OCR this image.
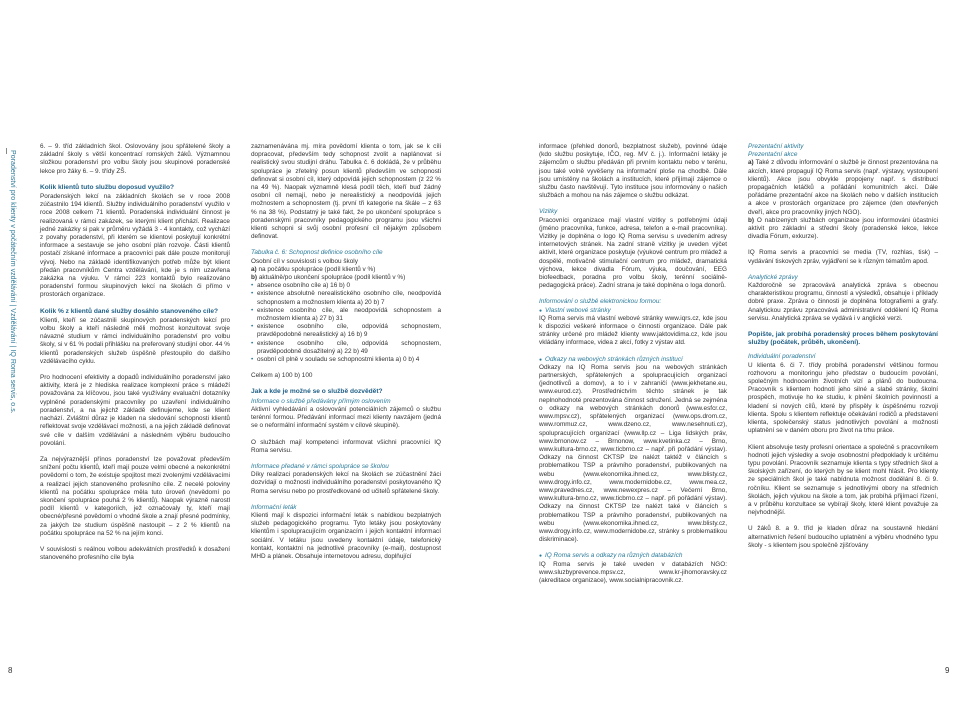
Poradenství pro klienty v počátečním vzdělávání | Vzdělávání | IQ Roma servis, o.s.

6. – 9. tříd základních škol. Oslovovány jsou spřátelené školy a základní školy s větší koncentrací romských žáků. Významnou složkou poradenství pro volbu školy jsou skupinové poradenské lekce pro žáky 6. – 9. třídy ZŠ.

Kolik klientů tuto službu doposud využilo?

Poradenských lekcí na základních školách se v roce 2008 zúčastnilo 194 klientů. Služby individuálního poradenství využilo v roce 2008 celkem 71 klientů. Poradenská individuální činnost je realizovaná v rámci zakázek, se kterými klient přichází. Realizace jedné zakázky si pak v průměru vyžádá 3 - 4 kontakty, což vychází z povahy poradenství, při kterém se klientovi poskytují konkrétní informace a sestavuje se jeho osobní plán rozvoje. Části klientů postačí získané informace a pracovníci pak dále pouze monitorují vývoj. Nebo na základě identifikovaných potřeb může být klient předán pracovníkům Centra vzdělávání, kde je s ním uzavřena zakázka na výuku. V rámci 223 kontaktů bylo realizováno poradenství formou skupinových lekcí na školách či přímo v prostorách organizace.

Kolik % z klientů dané služby dosáhlo stanoveného cíle?

Klienti, kteří se zúčastnili skupinových poradenských lekcí pro volbu školy a kteří následně měli možnost konzultovat svoje návazné studium v rámci individuálního poradenství pro volbu školy, si v 61 % podali přihlášku na preferovaný studijní obor. 44 % klientů poradenských služeb úspěšně přestoupilo do dalšího vzdělávacího cyklu.

Pro hodnocení efektivity a dopadů individuálního poradenství jako aktivity, která je z hlediska realizace komplexní práce s mládeží považována za klíčovou, jsou také využívány evaluační dotazníky vyplněné poradenskými pracovníky po uzavření individuálního poradenství, a na jejichž základě definujeme, kde se klient nachází. Zvláštní důraz je kladen na sledování schopnosti klientů reflektovat svoje vzdělávací možnosti, a na jejich základě definovat své cíle v dalším vzdělávání a následném výběru budoucího povolání.

Za nejvýraznější přínos poradenství lze považovat především snížení počtu klientů, kteří mají pouze velmi obecné a nekonkrétní povědomí o tom, že existuje spojitost mezi zvolenými vzdělávacími a realizací jejich stanoveného profesního cíle. Z necelé poloviny klientů na počátku spolupráce měla tuto úroveň (nevědomí po skončení spolupráce pouhá 2 % klientů). Naopak výrazně narostl podíl klientů v kategoriích, jež označovaly ty, kteří mají obecné/přesné povědomí o vhodné škole a znají přesné podmínky, za jakých lze studium úspěšně nastoupit – z 2 % klientů na počátku spolupráce na 52 % na jejím konci.

V souvislosti s reálnou volbou adekvátních prostředků k dosažení stanoveného profesního cíle byla

zaznamenávána mj. míra povědomí klienta o tom, jak se k cíli dopracovat, především tedy schopnost zvolit a naplánovat si realistický svou studijní dráhu. Tabulka č. 6 dokládá, že v průběhu spolupráce je zřetelný posun klientů především ve schopnosti definovat si osobní cíl, který odpovídá jejich schopnostem (z 22 % na 49 %). Naopak významně klesá podíl těch, kteří buď žádný osobní cíl nemají, nebo je nerealistický a neodpovídá jejich možnostem a schopnostem (tj. první tři kategorie na škále – z 63 % na 38 %). Podstatný je také fakt, že po ukončení spolupráce s poradenskými pracovníky pedagogického programu jsou všichni klienti schopni si svůj osobní profesní cíl nějakým způsobem definovat.

Tabulka č. 6: Schopnost definice osobního cíle
Osobní cíl v souvislosti s volbou školy
a) na počátku spolupráce (podíl klientů v %)
b) aktuálně/po ukončení spolupráce (podíl klientů v %)
• absence osobního cíle a) 16 b) 0
• existence absolutně nerealistického osobního cíle, neodpovídá schopnostem a možnostem klienta a) 20 b) 7
• existence osobního cíle, ale neodpovídá schopnostem a možnostem klienta a) 27 b) 31
• existence osobního cíle, odpovídá schopnostem, pravděpodobně nerealistický a) 16 b) 9
• existence osobního cíle, odpovídá schopnostem, pravděpodobně dosažitelný a) 22 b) 49
• osobní cíl plně v souladu se schopnostmi klienta a) 0 b) 4

Celkem a) 100 b) 100

Jak a kde je možné se o službě dozvědět?
Informace o službě předávány přímým oslovením

Aktivní vyhledávání a oslovování potenciálních zájemců o službu terénní formou. Předávání informací mezi klienty navzájem (jedná se o neformální informační systém v cílové skupině).

O službách mají kompetenci informovat všichni pracovníci IQ Roma servisu.

Informace předané v rámci spolupráce se školou

Díky realizaci poradenských lekcí na školách se zúčastnění žáci dozvídají o možnosti individuálního poradenství poskytovaného IQ Roma servisu nebo po prostředkované od učitelů spřátelené školy.

Informační leták

Klienti mají k dispozici informační leták s nabídkou bezplatných služeb pedagogického programu. Tyto letáky jsou poskytovány klientům i spolupracujícím organizacím i jejich kontaktní informací sociální. V letáku jsou uvedeny kontaktní údaje, telefonický kontakt, kontaktní na jednotlivé pracovníky (e-mail), dostupnost MHD a plánek. Obsahuje internetovou adresu, doplňující

8

informace (přehled donorů, bezplatnost služeb), povinné údaje (kdo službu poskytuje, IČO, reg. MV č. j.). Informační letáky je zájemcům o službu předáván při prvním kontaktu nebo v terénu, jsou také volně vyvěšeny na informační ploše na chodbě. Dále jsou umístěny na školách a institucích, které přijímají zájemce o službu často navštěvují. Tyto instituce jsou informovány o našich službách a mohou na nás zájemce o službu odkázat.

Vizitky

Pracovníci organizace mají vlastní vizitky s potřebnými údaji (jméno pracovníka, funkce, adresa, telefon a e-mail pracovníka). Vizitky je doplněna o logo IQ Roma servisu s uvedením adresy internetových stránek. Na zadní straně vizitky je uveden výčet aktivit, které organizace poskytuje (výukové centrum pro mládež a dospělé, motivačně stimulační centrum pro mládež, dramatická výchova, lekce divadla Fórum, výuka, doučování, EEG biofeedback, poradna pro volbu školy, terénní sociálně-pedagogická práce). Zadní strana je také doplněna o loga donorů.

Informování o službě elektronickou formou:
● Vlastní webové stránky

IQ Roma servis má vlastní webové stránky www.iqrs.cz, kde jsou k dispozici veškeré informace o činnosti organizace. Dále pak stránky určené pro mládež klienty www.jaktovidima.cz, kde jsou vkládány informace, videa z akcí, fotky z výstav atd.

● Odkazy na webových stránkách různých institucí

Odkazy na IQ Roma servis jsou na webových stránkách partnerských, spřátelených a spolupracujících organizací (jednotlivců a domov), a to i v zahraničí (www.jekhetane.eu, www.eurod.cz). Prostřednictvím těchto stránek je tak neplnohodnoté prezentována činnost sdružení. Jedná se zejména o odkazy na webových stránkách donorů (www.esfcr.cz, www.mpsv.cz), spřátelených organizací (www.ops.drom.cz, www.rommuz.cz, www.dzeno.cz, www.nesehnuti.cz), spolupracujících organizací (www.llp.cz – Liga lidských práv, www.brnonow.cz – Brnonow, www.kvetinka.cz – Brno, www.kultura-brno.cz, www.ticbrno.cz – např. při pořádání výstav). Odkazy na činnost CKTSP lze nalézt taktéž v článcích s problematikou TSP a právního poradenství, publikovaných na webu (www.ekonomika.ihned.cz, www.blisty.cz, www.drogy.info.cz, www.modernidobe.cz, www.mea.cz, www.pravednes.cz, www.newexpres.cz – Večerní Brno, www.kultura-brno.cz, www.ticbrno.cz – např. při pořádání výstav). Odkazy na činnost CKTSP lze nalézt také v článcích s problematikou TSP a právního poradenství, publikovaných na webu (www.ekonomika.ihned.cz, www.blisty.cz, www.drogy.info.cz, www.modernidobe.cz, stránky s problematikou diskriminace).

● IQ Roma servis a odkazy na různých databázích

IQ Roma servis je také uveden v databázích NGO: www.sluzbyprevence.mpsv.cz, www.kr-jihomoravsky.cz (akreditace organizace), www.socialnipracovnik.cz.

Prezentační aktivity
Prezentační akce
a) Také z důvodu informování o službě je činnost prezentována na akcích, které propagují IQ Roma servis (např. výstavy, vystoupení klientů). Akce jsou obvykle propojeny např. s distribucí propagačních letáčků a pořádání komunitních akcí. Dále pořádáme prezentační akce na školách nebo v dalších institucích a akce v prostorách organizace pro zájemce (den otevřených dveří, akce pro pracovníky jiných NGO).

b) O nabízených službách organizace jsou informováni účastníci aktivit pro základní a střední školy (poradenské lekce, lekce divadla Fórum, exkurze).

IQ Roma servis a pracovníci se media (TV, rozhlas, tisk) – vydávání tiskových zpráv, vyjádření se k různým tématům apod.

Analytické zprávy

Každoročně se zpracovává analytická zpráva s obecnou charakteristikou programu, činností a výsledků, obsahuje i příklady dobré praxe. Zpráva o činnosti je doplněna fotografiemi a grafy. Analytickou zprávu zpracovává administrativní oddělení IQ Roma servisu. Analytická zpráva se vydává i v anglické verzi.

Popište, jak probíhá poradenský proces během poskytování služby (počátek, průběh, ukončení).
Individuální poradenství

U klienta 6. či 7. třídy probíhá poradenství většinou formou rozhovoru a monitoringu jeho představ o budoucím povolání, společným hodnocením životních vizí a plánů do budoucna. Pracovník s klientem hodnotí jeho silné a slabé stránky, školní prospěch, motivuje ho ke studiu, k plnění školních povinností a kladení si nových cílů, které by přispěly k úspěšnému rozvoji klienta. Spolu s klientem reflektuje očekávání rodičů a představení klienta, společenský status jednotlivých povolání a možnosti uplatnění se v daném oboru pro život na trhu práce.

Klient absolvuje testy profesní orientace a společně s pracovníkem hodnotí jejich výsledky a svoje osobnostní předpoklady k určitému typu povolání. Pracovník seznamuje klienta s typy středních škol a školských zařízení, do kterých by se klient mohl hlásit. Pro klienty ze speciálních škol je také nabídnuta možnost dodělání 8. či 9. ročníku. Klient se seznamuje s jednotlivými obory na středních školách, jejich výukou na škole a tom, jak probíhá přijímací řízení, a v průběhu konzultace se vybírají školy, které klient považuje za nejvhodnější.

U žáků 8. a 9. tříd je kladen důraz na soustavně hledání alternativních řešení budoucího uplatnění a výběru vhodného typu školy - s klientem jsou společně zjišťovány

9
